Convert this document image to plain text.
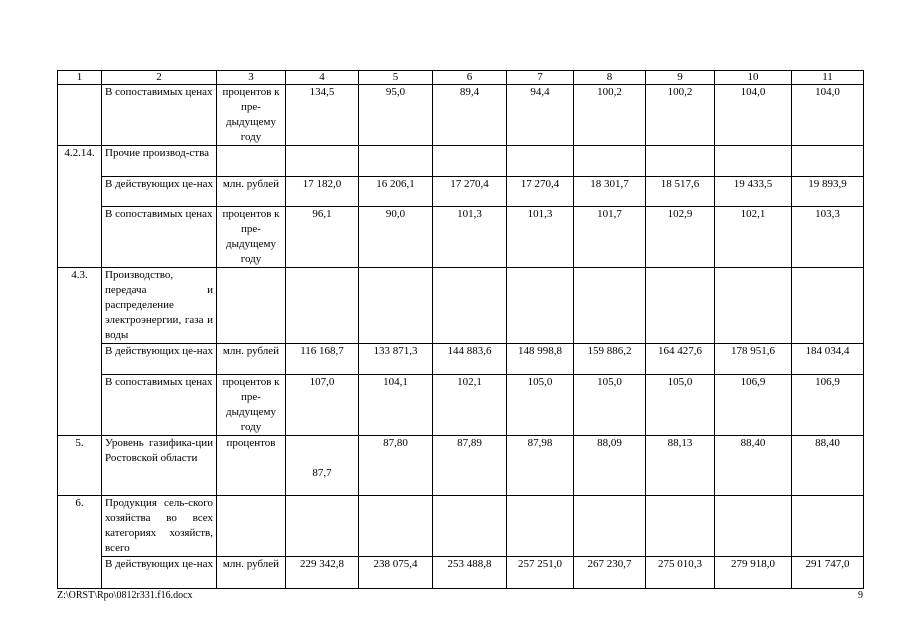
1	2	3	4	5	6	7	8	9	10	11
	В сопоставимых ценах	процентов к пре-дыдущему году	134,5	95,0	89,4	94,4	100,2	100,2	104,0	104,0
4.2.14.	Прочие производ-ства									
	В действующих це-нах	млн. рублей	17 182,0	16 206,1	17 270,4	17 270,4	18 301,7	18 517,6	19 433,5	19 893,9
	В сопоставимых ценах	процентов к пре-дыдущему году	96,1	90,0	101,3	101,3	101,7	102,9	102,1	103,3
4.3.	Производство, передача и распределение электроэнергии, газа и воды									
	В действующих це-нах	млн. рублей	116 168,7	133 871,3	144 883,6	148 998,8	159 886,2	164 427,6	178 951,6	184 034,4
	В сопоставимых ценах	процентов к пре-дыдущему году	107,0	104,1	102,1	105,0	105,0	105,0	106,9	106,9
5.	Уровень газифика-ции Ростовской области	процентов	87,7	87,80	87,89	87,98	88,09	88,13	88,40	88,40
6.	Продукция сель-ского хозяйства во всех категориях хозяйств, всего									
	В действующих це-нах	млн. рублей	229 342,8	238 075,4	253 488,8	257 251,0	267 230,7	275 010,3	279 918,0	291 747,0
Z:\ORST\Rpo\0812r331.f16.docx	9
